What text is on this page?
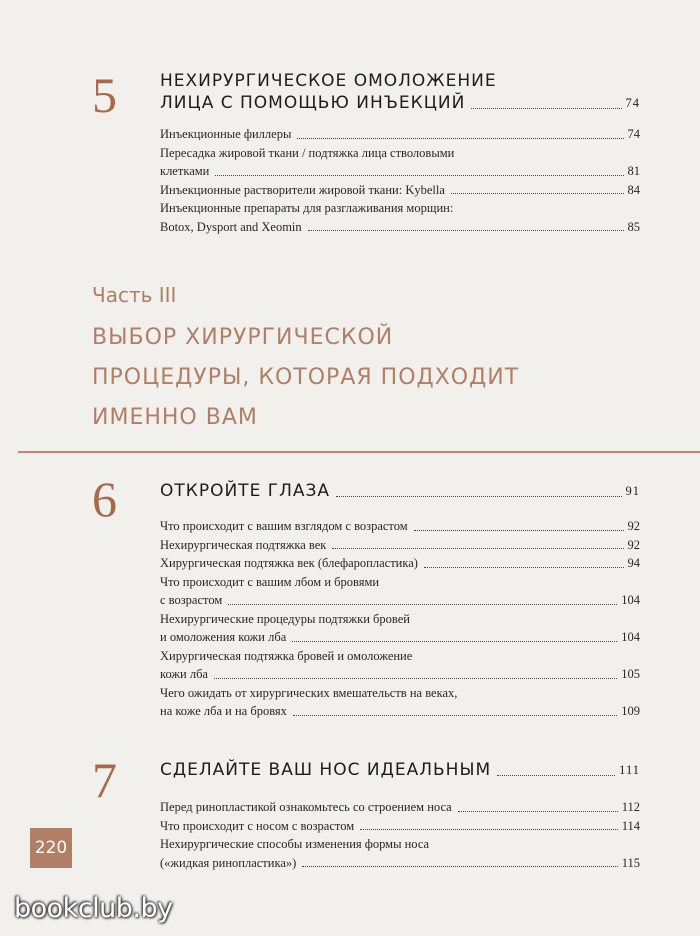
5	НЕХИРУРГИЧЕСКОЕ ОМОЛОЖЕНИЕ
ЛИЦА С ПОМОЩЬЮ ИНЪЕКЦИЙ	74
Инъекционные филлеры	74
Пересадка жировой ткани / подтяжка лица стволовыми
клетками	81
Инъекционные растворители жировой ткани: Kybella	84
Инъекционные препараты для разглаживания морщин:
Botox, Dysport and Xeomin	85
Часть III
ВЫБОР ХИРУРГИЧЕСКОЙ
ПРОЦЕДУРЫ, КОТОРАЯ ПОДХОДИТ
ИМЕННО ВАМ
6	ОТКРОЙТЕ ГЛАЗА	91
Что происходит с вашим взглядом с возрастом	92
Нехирургическая подтяжка век	92
Хирургическая подтяжка век (блефаропластика)	94
Что происходит с вашим лбом и бровями
с возрастом	104
Нехирургические процедуры подтяжки бровей
и омоложения кожи лба	104
Хирургическая подтяжка бровей и омоложение
кожи лба	105
Чего ожидать от хирургических вмешательств на веках,
на коже лба и на бровях	109
7	СДЕЛАЙТЕ ВАШ НОС ИДЕАЛЬНЫМ	111
Перед ринопластикой ознакомьтесь со строением носа	112
Что происходит с носом с возрастом	114
Нехирургические способы изменения формы носа
(«жидкая ринопластика»)	115
220
bookclub.by
